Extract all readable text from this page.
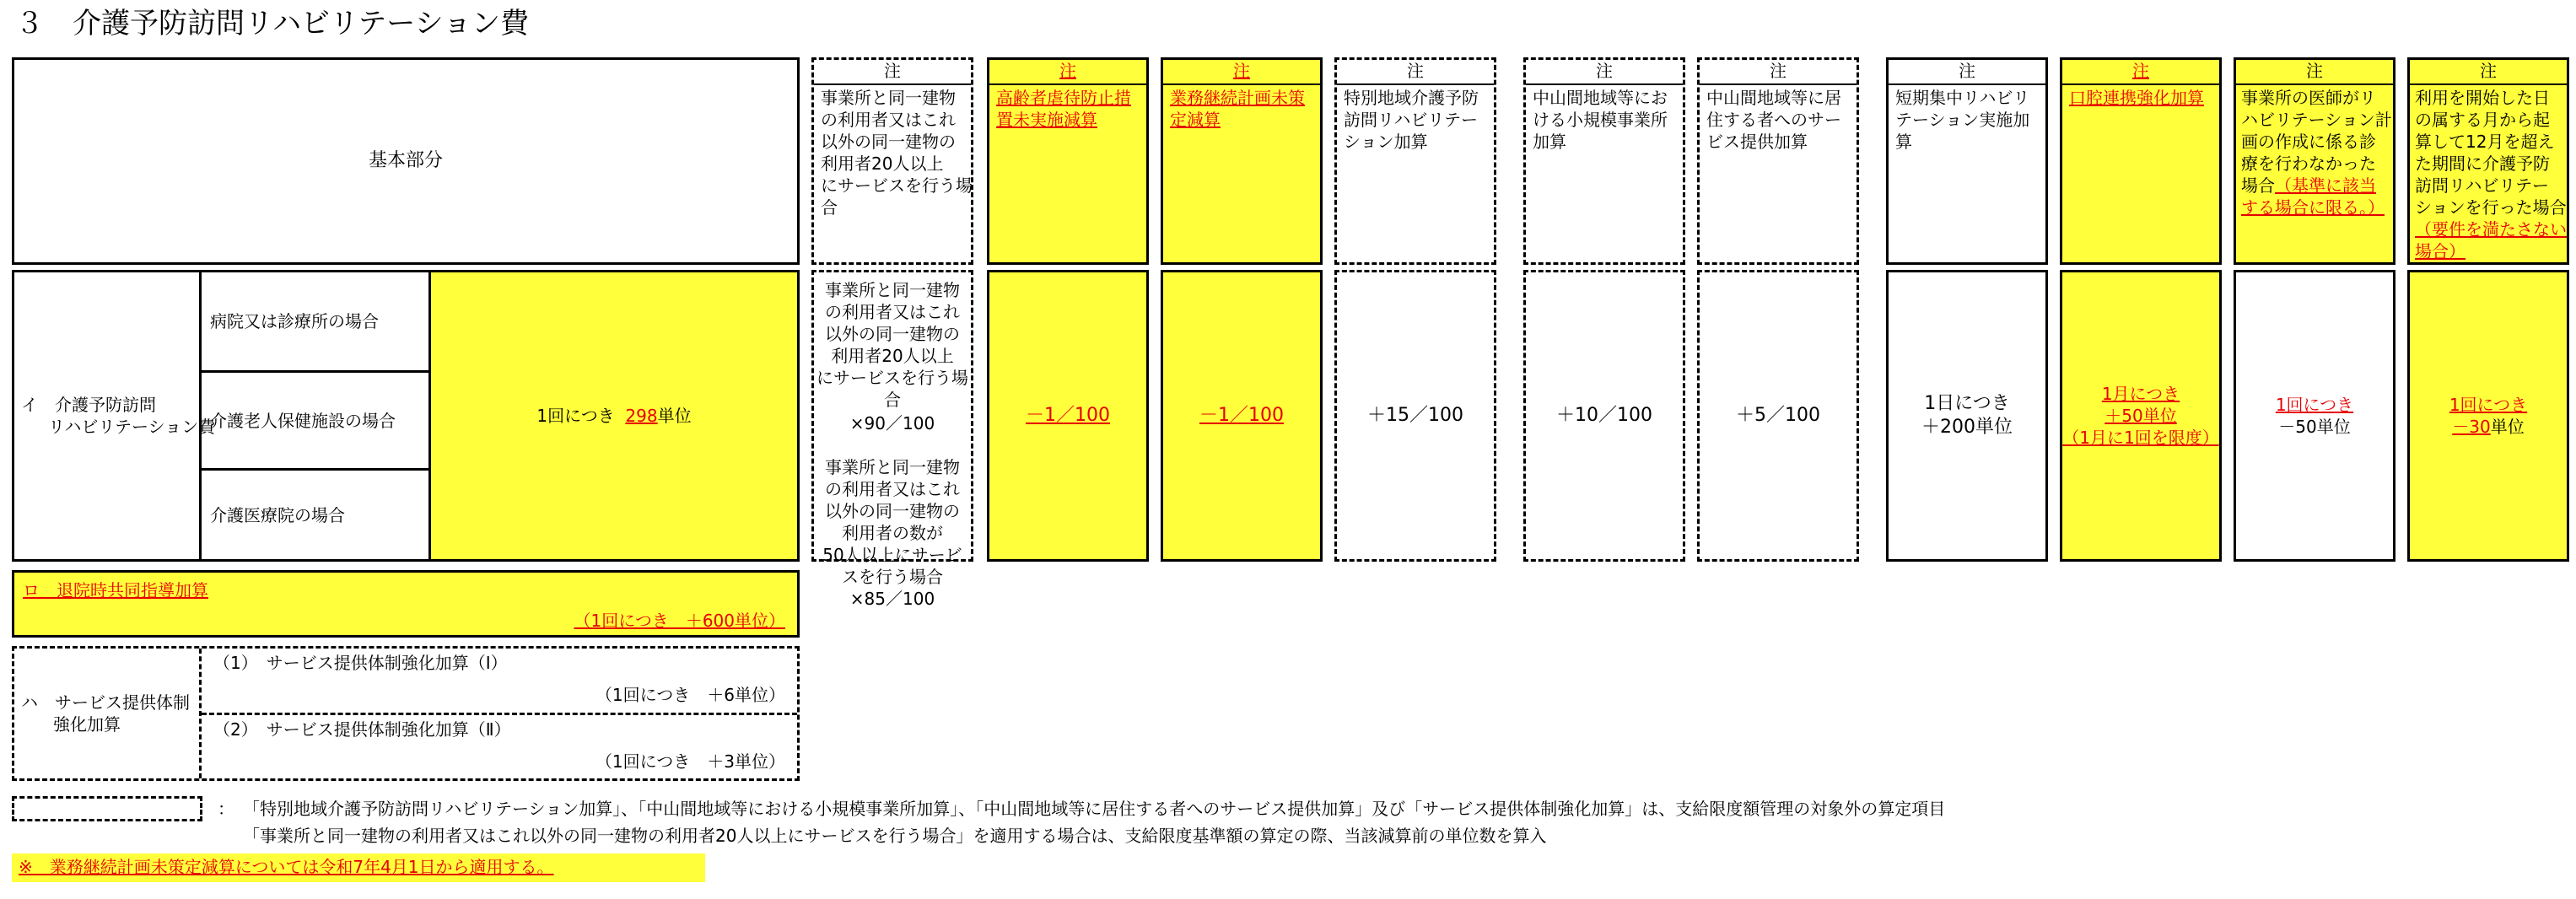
３　介護予防訪問リハビリテーション費
基本部分
イ　介護予防訪問
リハビリテーション費
病院又は診療所の場合
介護老人保健施設の場合
介護医療院の場合
1回につき 298単位
注
事業所と同一建物
の利用者又はこれ
以外の同一建物の
利用者20人以上
にサービスを行う場
合
事業所と同一建物
の利用者又はこれ
以外の同一建物の
利用者20人以上
にサービスを行う場
合
×90／100
事業所と同一建物
の利用者又はこれ
以外の同一建物の
利用者の数が
50人以上にサービ
スを行う場合
×85／100
注
高齢者虐待防止措
置未実施減算
－1／100
注
業務継続計画未策
定減算
－1／100
注
特別地域介護予防
訪問リハビリテー
ション加算
＋15／100
注
中山間地域等にお
ける小規模事業所
加算
＋10／100
注
中山間地域等に居
住する者へのサー
ビス提供加算
＋5／100
注
短期集中リハビリ
テーション実施加
算
1日につき
＋200単位
注
口腔連携強化加算
1月につき
＋50単位
（1月に1回を限度）
注
事業所の医師がリ
ハビリテーション計
画の作成に係る診
療を行わなかった
場合（基準に該当
する場合に限る。）
1回につき
－50単位
注
利用を開始した日
の属する月から起
算して12月を超え
た期間に介護予防
訪問リハビリテー
ションを行った場合
（要件を満たさない
場合）
1回につき
－30単位
ロ　退院時共同指導加算
（1回につき　＋600単位）
ハ　サービス提供体制
強化加算
（1）　サービス提供体制強化加算（Ⅰ）
（1回につき　＋6単位）
（2）　サービス提供体制強化加算（Ⅱ）
（1回につき　＋3単位）
： 「特別地域介護予防訪問リハビリテーション加算」、「中山間地域等における小規模事業所加算」、「中山間地域等に居住する者へのサービス提供加算」及び「サービス提供体制強化加算」は、支給限度額管理の対象外の算定項目
「事業所と同一建物の利用者又はこれ以外の同一建物の利用者20人以上にサービスを行う場合」を適用する場合は、支給限度基準額の算定の際、当該減算前の単位数を算入
※　業務継続計画未策定減算については令和7年4月1日から適用する。
